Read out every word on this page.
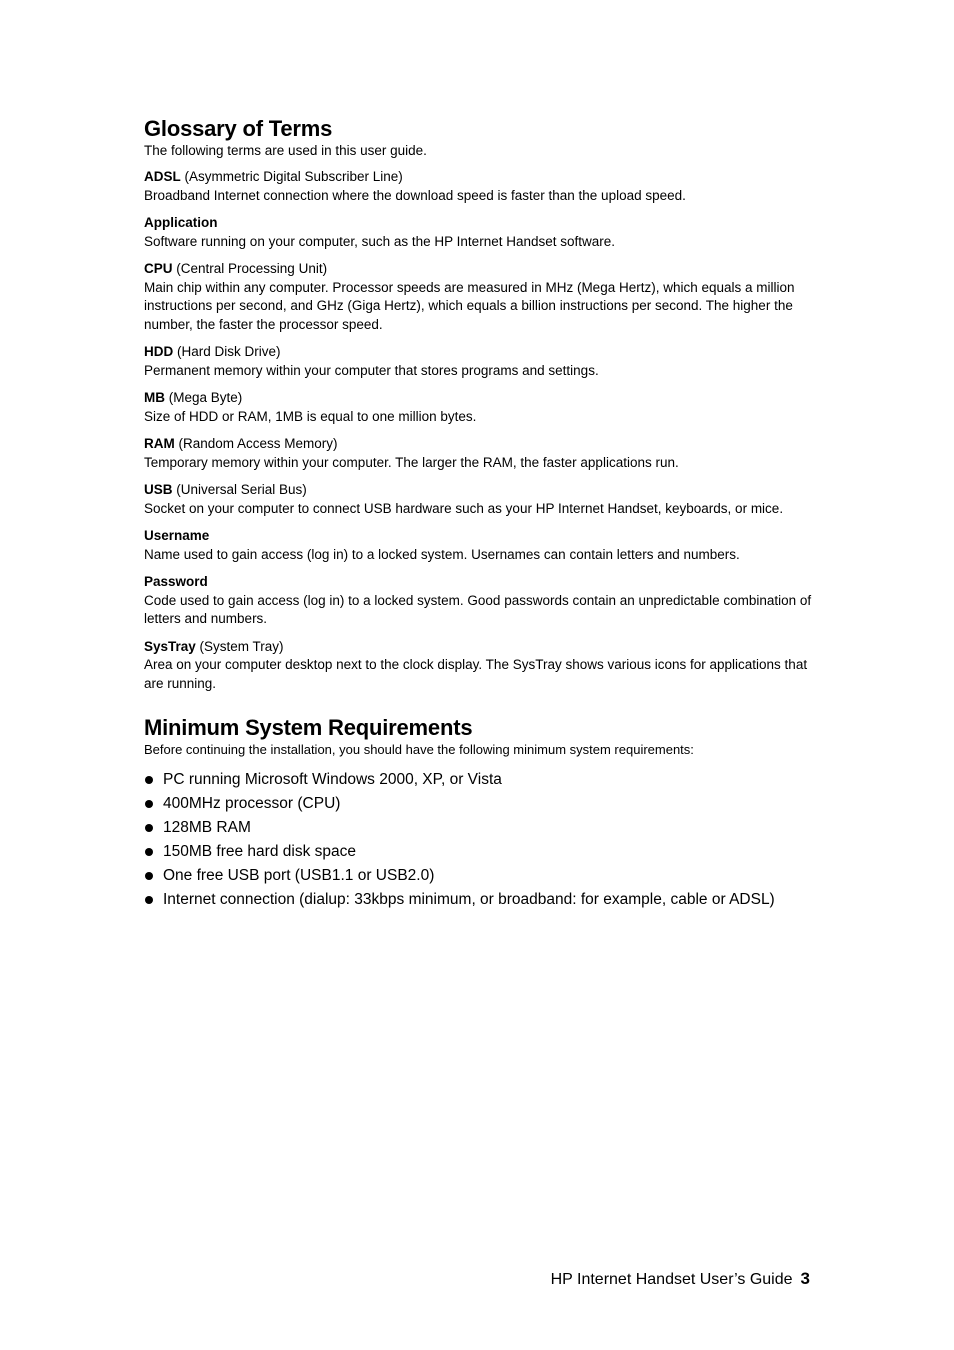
Glossary of Terms

The following terms are used in this user guide.

ADSL (Asymmetric Digital Subscriber Line)
Broadband Internet connection where the download speed is faster than the upload speed.
Application
Software running on your computer, such as the HP Internet Handset software.
CPU (Central Processing Unit)
Main chip within any computer. Processor speeds are measured in MHz (Mega Hertz), which equals a million instructions per second, and GHz (Giga Hertz), which equals a billion instructions per second. The higher the number, the faster the processor speed.
HDD (Hard Disk Drive)
Permanent memory within your computer that stores programs and settings.
MB (Mega Byte)
Size of HDD or RAM, 1MB is equal to one million bytes.
RAM (Random Access Memory)
Temporary memory within your computer. The larger the RAM, the faster applications run.
USB (Universal Serial Bus)
Socket on your computer to connect USB hardware such as your HP Internet Handset, keyboards, or mice.
Username
Name used to gain access (log in) to a locked system. Usernames can contain letters and numbers.
Password
Code used to gain access (log in) to a locked system. Good passwords contain an unpredictable combination of letters and numbers.
SysTray (System Tray)
Area on your computer desktop next to the clock display. The SysTray shows various icons for applications that are running.
Minimum System Requirements

Before continuing the installation, you should have the following minimum system requirements:

PC running Microsoft Windows 2000, XP, or Vista
400MHz processor (CPU)
128MB RAM
150MB free hard disk space
One free USB port (USB1.1 or USB2.0)
Internet connection (dialup: 33kbps minimum, or broadband: for example, cable or ADSL)
HP Internet Handset User’s Guide 3
